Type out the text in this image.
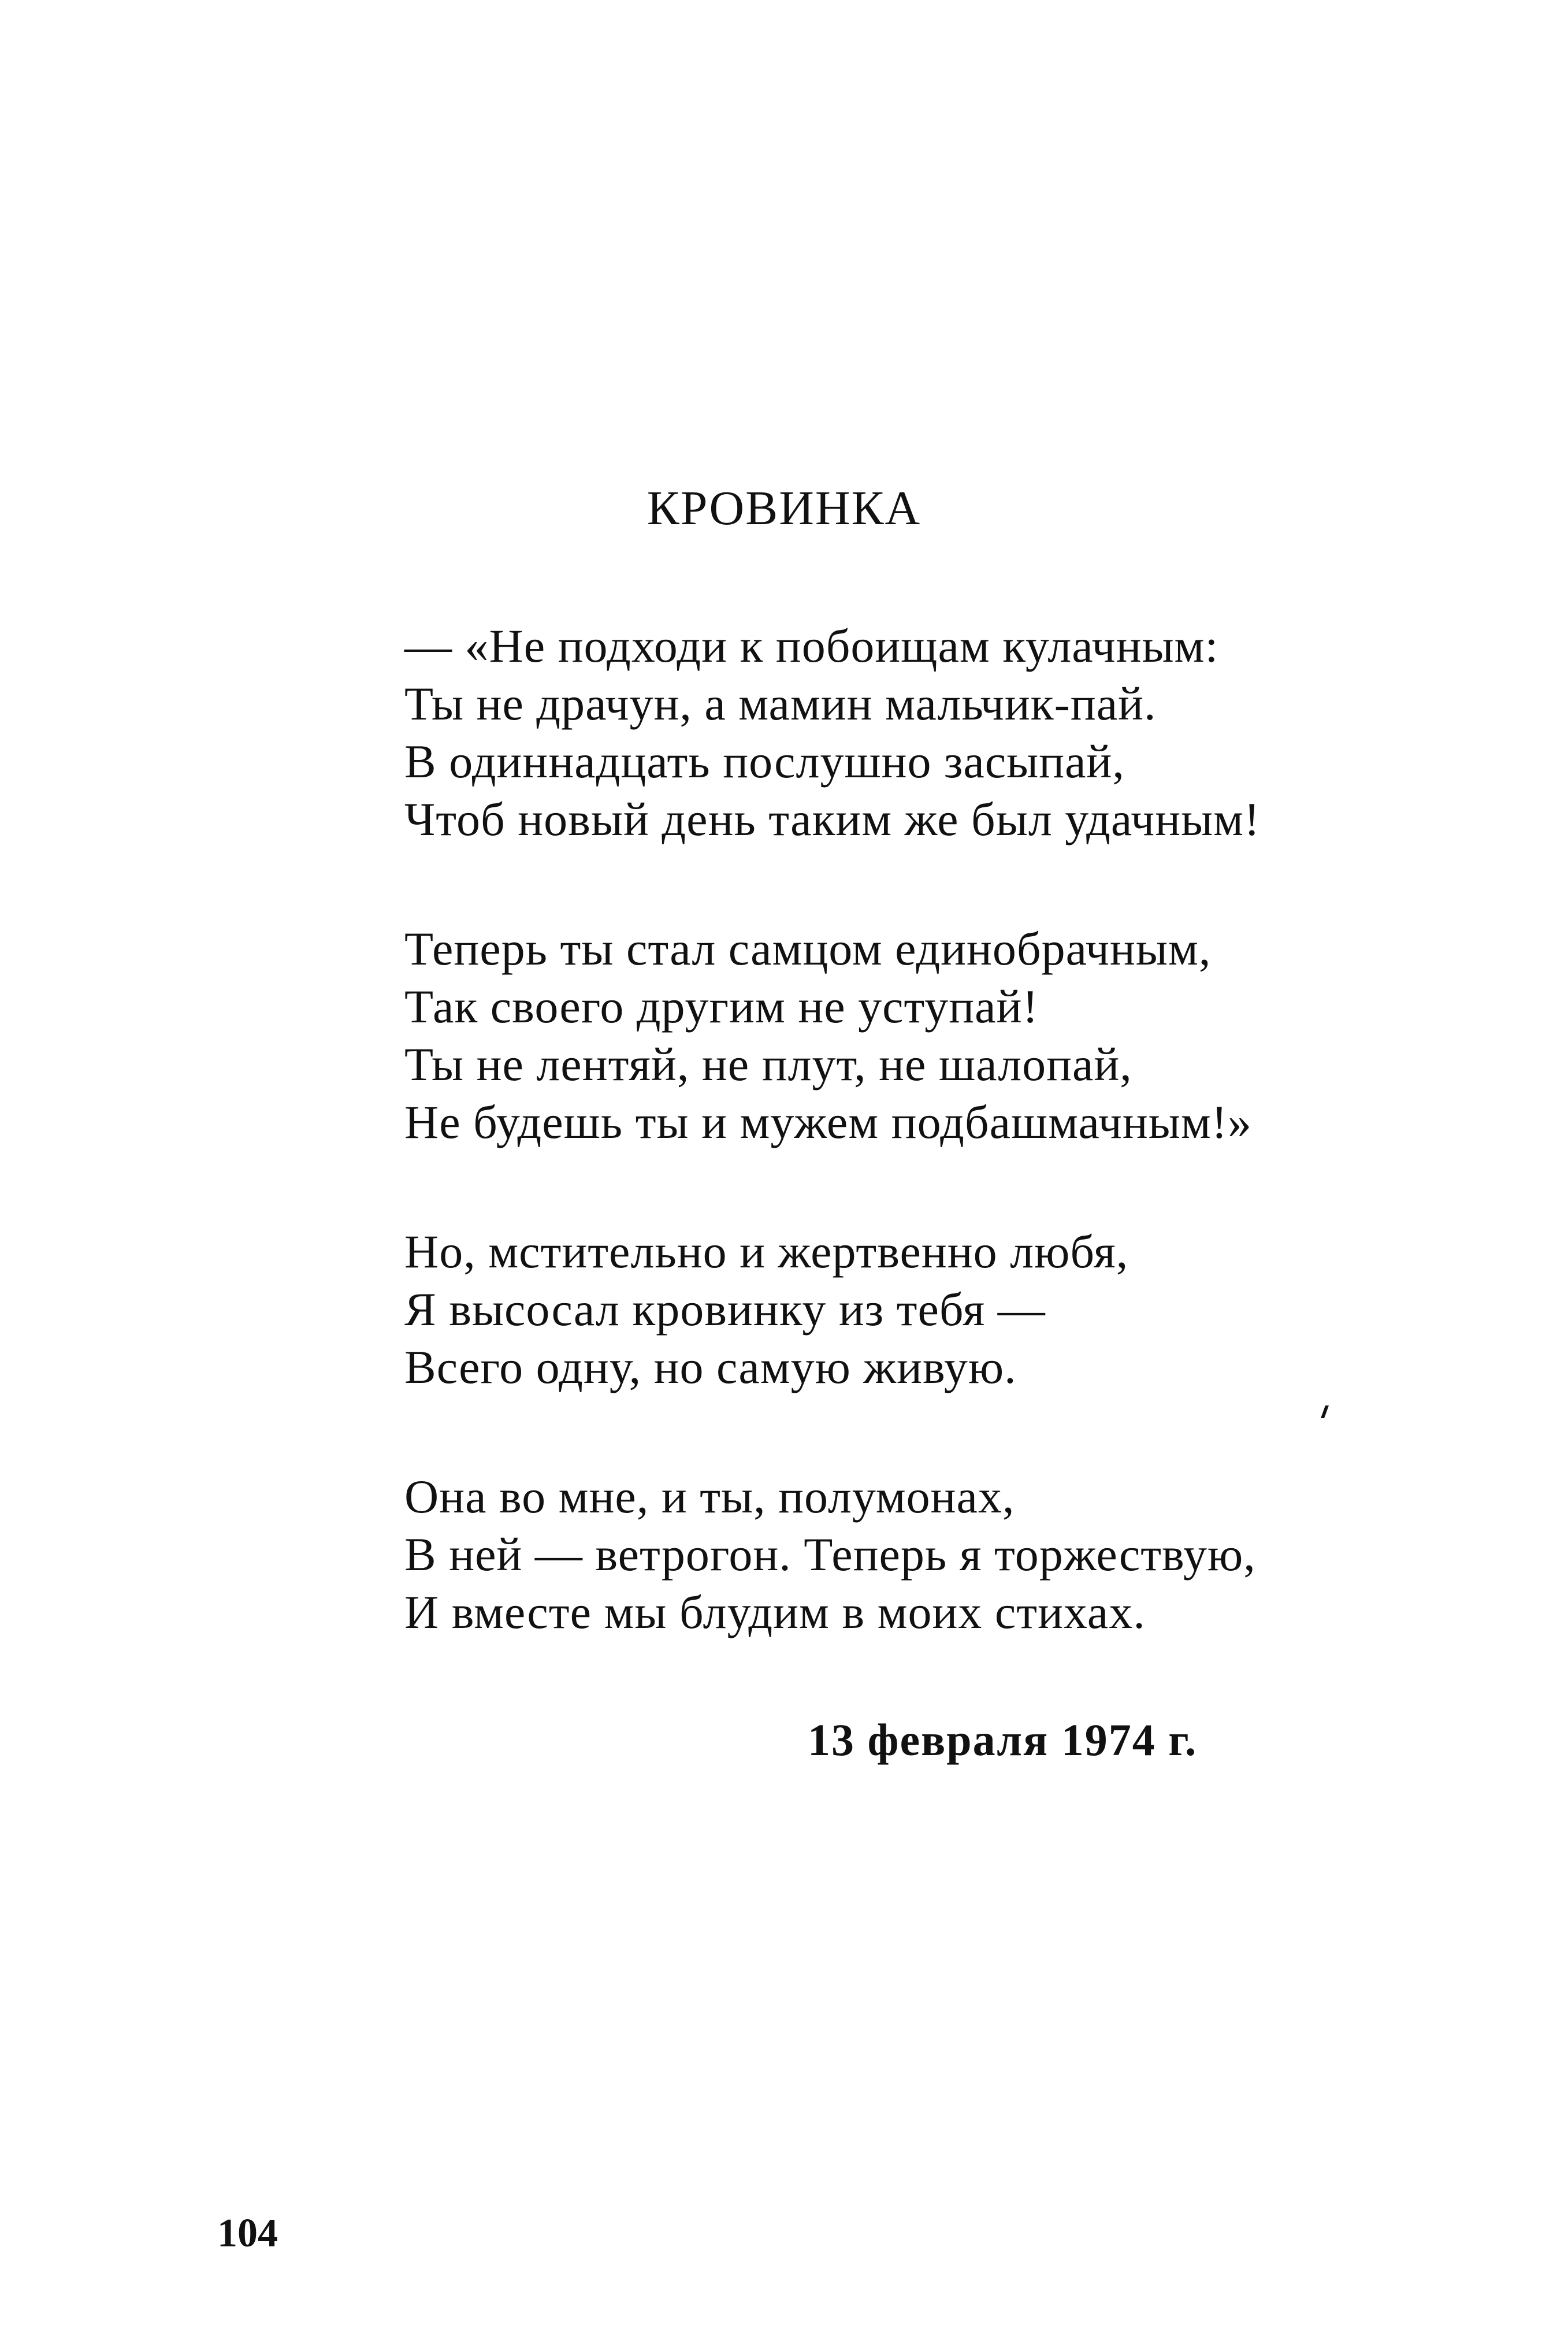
КРОВИНКА
— «Не подходи к побоищам кулачным:
Ты не драчун, а мамин мальчик-пай.
В одиннадцать послушно засыпай,
Чтоб новый день таким же был удачным!
Теперь ты стал самцом единобрачным,
Так своего другим не уступай!
Ты не лентяй, не плут, не шалопай,
Не будешь ты и мужем подбашмачным!»
Но, мстительно и жертвенно любя,
Я высосал кровинку из тебя —
Всего одну, но самую живую.
Она во мне, и ты, полумонах,
В ней — ветрогон. Теперь я торжествую,
И вместе мы блудим в моих стихах.
13 февраля 1974 г.
104
